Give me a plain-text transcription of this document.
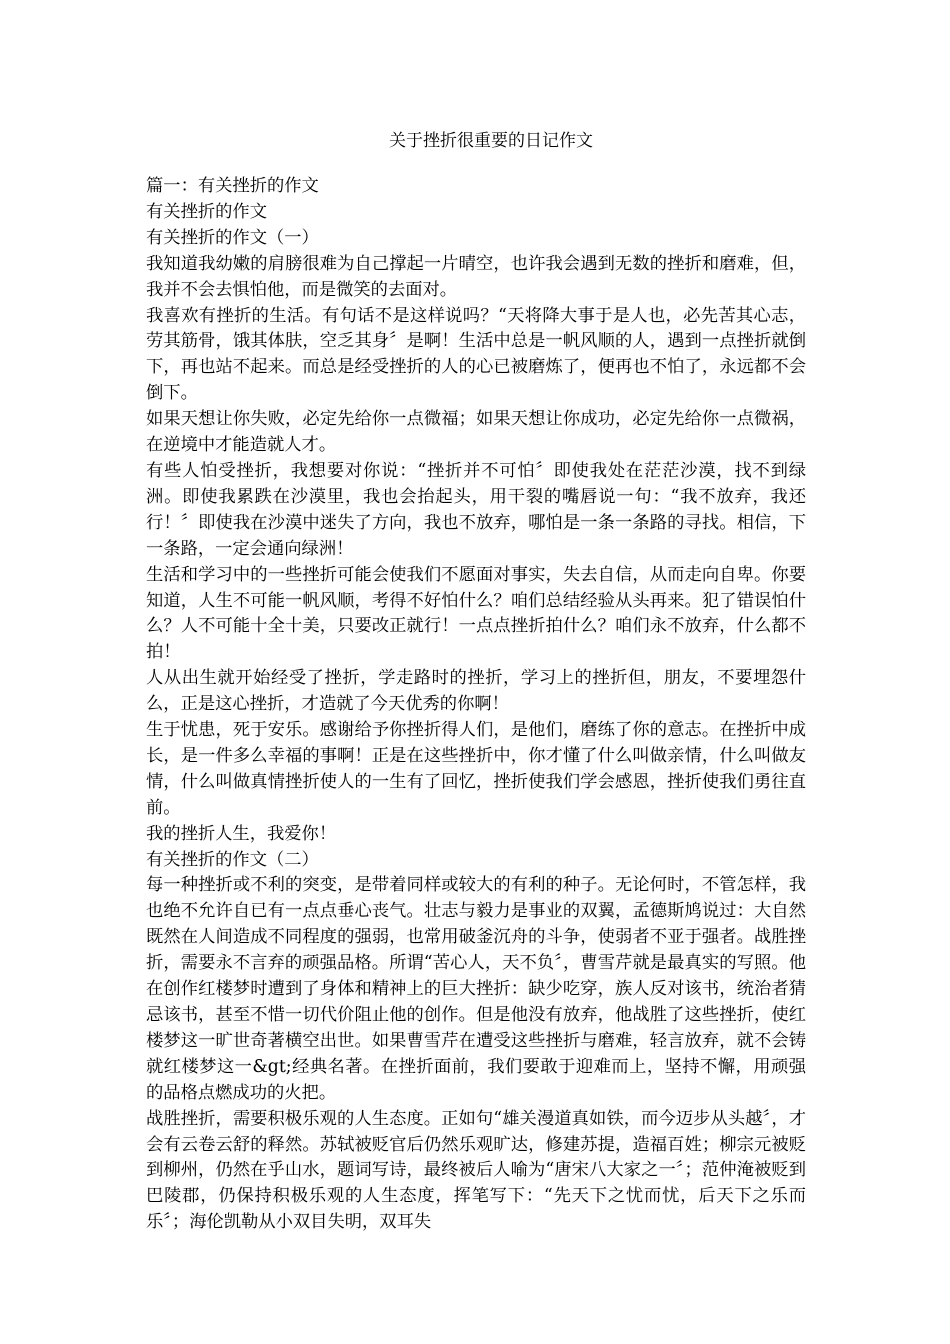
关于挫折很重要的日记作文

篇一：有关挫折的作文

有关挫折的作文

有关挫折的作文（一）

我知道我幼嫩的肩膀很难为自己撑起一片晴空，也许我会遇到无数的挫折和磨难，但，我并不会去惧怕他，而是微笑的去面对。

我喜欢有挫折的生活。有句话不是这样说吗？“天将降大事于是人也，必先苦其心志，劳其筋骨，饿其体肤，空乏其身〞是啊！生活中总是一帆风顺的人，遇到一点挫折就倒下，再也站不起来。而总是经受挫折的人的心已被磨炼了，便再也不怕了，永远都不会倒下。

如果天想让你失败，必定先给你一点微福；如果天想让你成功，必定先给你一点微祸，在逆境中才能造就人才。

有些人怕受挫折，我想要对你说：“挫折并不可怕〞即使我处在茫茫沙漠，找不到绿洲。即使我累跌在沙漠里，我也会抬起头，用干裂的嘴唇说一句：“我不放弃，我还行！〞即使我在沙漠中迷失了方向，我也不放弃，哪怕是一条一条路的寻找。相信，下一条路，一定会通向绿洲！

生活和学习中的一些挫折可能会使我们不愿面对事实，失去自信，从而走向自卑。你要知道，人生不可能一帆风顺，考得不好怕什么？咱们总结经验从头再来。犯了错误怕什么？人不可能十全十美，只要改正就行！一点点挫折拍什么？咱们永不放弃，什么都不拍！

人从出生就开始经受了挫折，学走路时的挫折，学习上的挫折但，朋友，不要埋怨什么，正是这心挫折，才造就了今天优秀的你啊！

生于忧患，死于安乐。感谢给予你挫折得人们，是他们，磨练了你的意志。在挫折中成长，是一件多么幸福的事啊！正是在这些挫折中，你才懂了什么叫做亲情，什么叫做友情，什么叫做真情挫折使人的一生有了回忆，挫折使我们学会感恩，挫折使我们勇往直前。

我的挫折人生，我爱你！

有关挫折的作文（二）

每一种挫折或不利的突变，是带着同样或较大的有利的种子。无论何时，不管怎样，我也绝不允许自已有一点点垂心丧气。壮志与毅力是事业的双翼，孟德斯鸠说过：大自然既然在人间造成不同程度的强弱，也常用破釜沉舟的斗争，使弱者不亚于强者。战胜挫折，需要永不言弃的顽强品格。所谓“苦心人，天不负〞，曹雪芹就是最真实的写照。他在创作红楼梦时遭到了身体和精神上的巨大挫折：缺少吃穿，族人反对该书，统治者猜忌该书，甚至不惜一切代价阻止他的创作。但是他没有放弃，他战胜了这些挫折，使红楼梦这一旷世奇著横空出世。如果曹雪芹在遭受这些挫折与磨难，轻言放弃，就不会铸就红楼梦这一&gt;经典名著。在挫折面前，我们要敢于迎难而上，坚持不懈，用顽强的品格点燃成功的火把。

战胜挫折，需要积极乐观的人生态度。正如句“雄关漫道真如铁，而今迈步从头越〞，才会有云卷云舒的释然。苏轼被贬官后仍然乐观旷达，修建苏提，造福百姓；柳宗元被贬到柳州，仍然在乎山水，题词写诗，最终被后人喻为“唐宋八大家之一〞；范仲淹被贬到巴陵郡，仍保持积极乐观的人生态度，挥笔写下：“先天下之忧而忧，后天下之乐而乐〞；海伦凯勒从小双目失明，双耳失
